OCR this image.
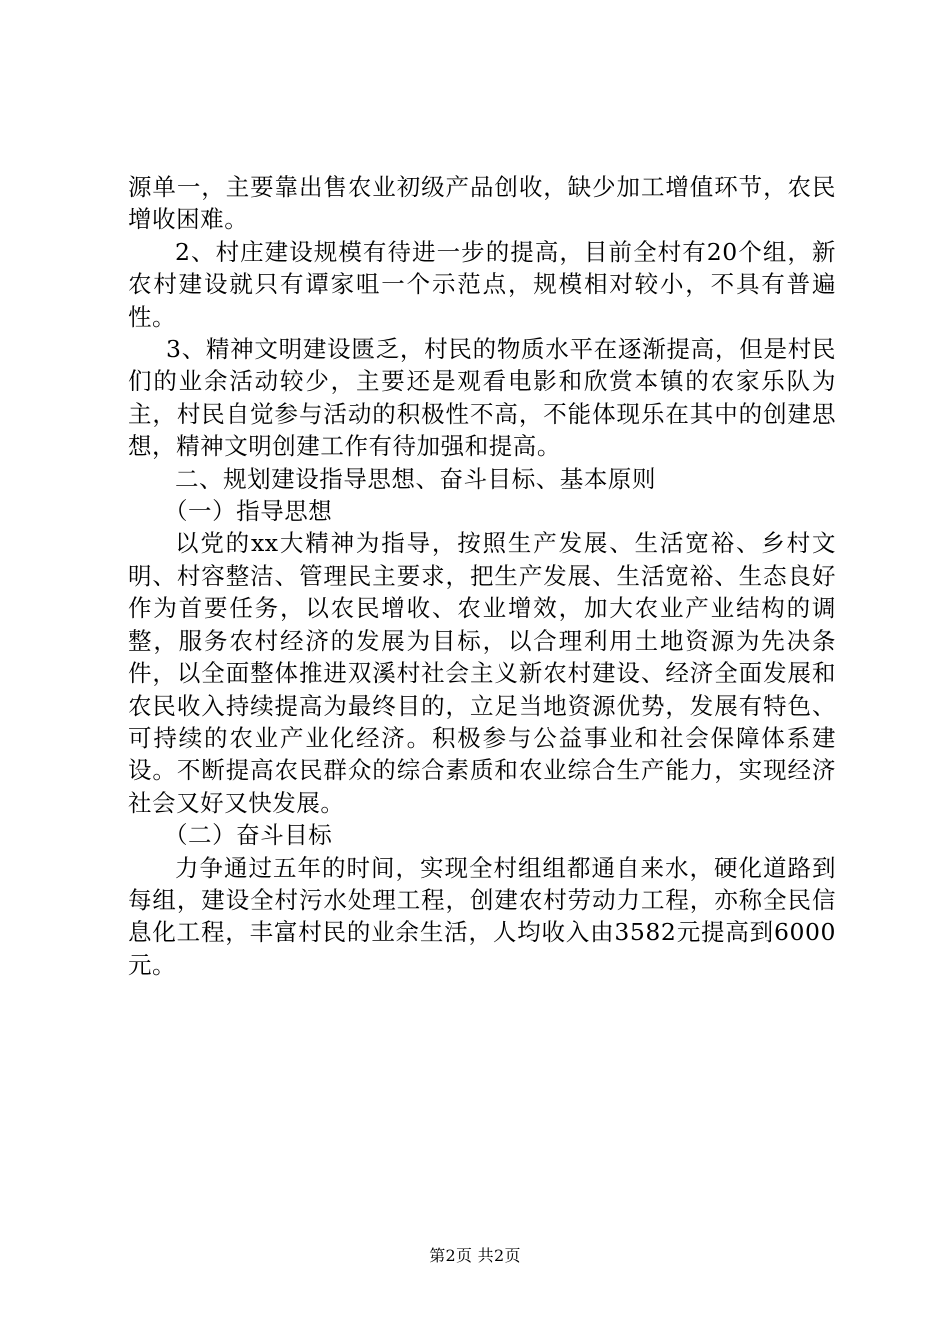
源单一，主要靠出售农业初级产品创收，缺少加工增值环节，农民增收困难。

2、村庄建设规模有待进一步的提高，目前全村有20个组，新农村建设就只有谭家咀一个示范点，规模相对较小，不具有普遍性。

3、精神文明建设匮乏，村民的物质水平在逐渐提高，但是村民们的业余活动较少，主要还是观看电影和欣赏本镇的农家乐队为主，村民自觉参与活动的积极性不高，不能体现乐在其中的创建思想，精神文明创建工作有待加强和提高。

二、规划建设指导思想、奋斗目标、基本原则

（一）指导思想

以党的xx大精神为指导，按照生产发展、生活宽裕、乡村文明、村容整洁、管理民主要求，把生产发展、生活宽裕、生态良好作为首要任务，以农民增收、农业增效，加大农业产业结构的调整，服务农村经济的发展为目标，以合理利用土地资源为先决条件，以全面整体推进双溪村社会主义新农村建设、经济全面发展和农民收入持续提高为最终目的，立足当地资源优势，发展有特色、可持续的农业产业化经济。积极参与公益事业和社会保障体系建设。不断提高农民群众的综合素质和农业综合生产能力，实现经济社会又好又快发展。

（二）奋斗目标

力争通过五年的时间，实现全村组组都通自来水，硬化道路到每组，建设全村污水处理工程，创建农村劳动力工程，亦称全民信息化工程，丰富村民的业余生活，人均收入由3582元提高到6000元。

第2页 共2页
